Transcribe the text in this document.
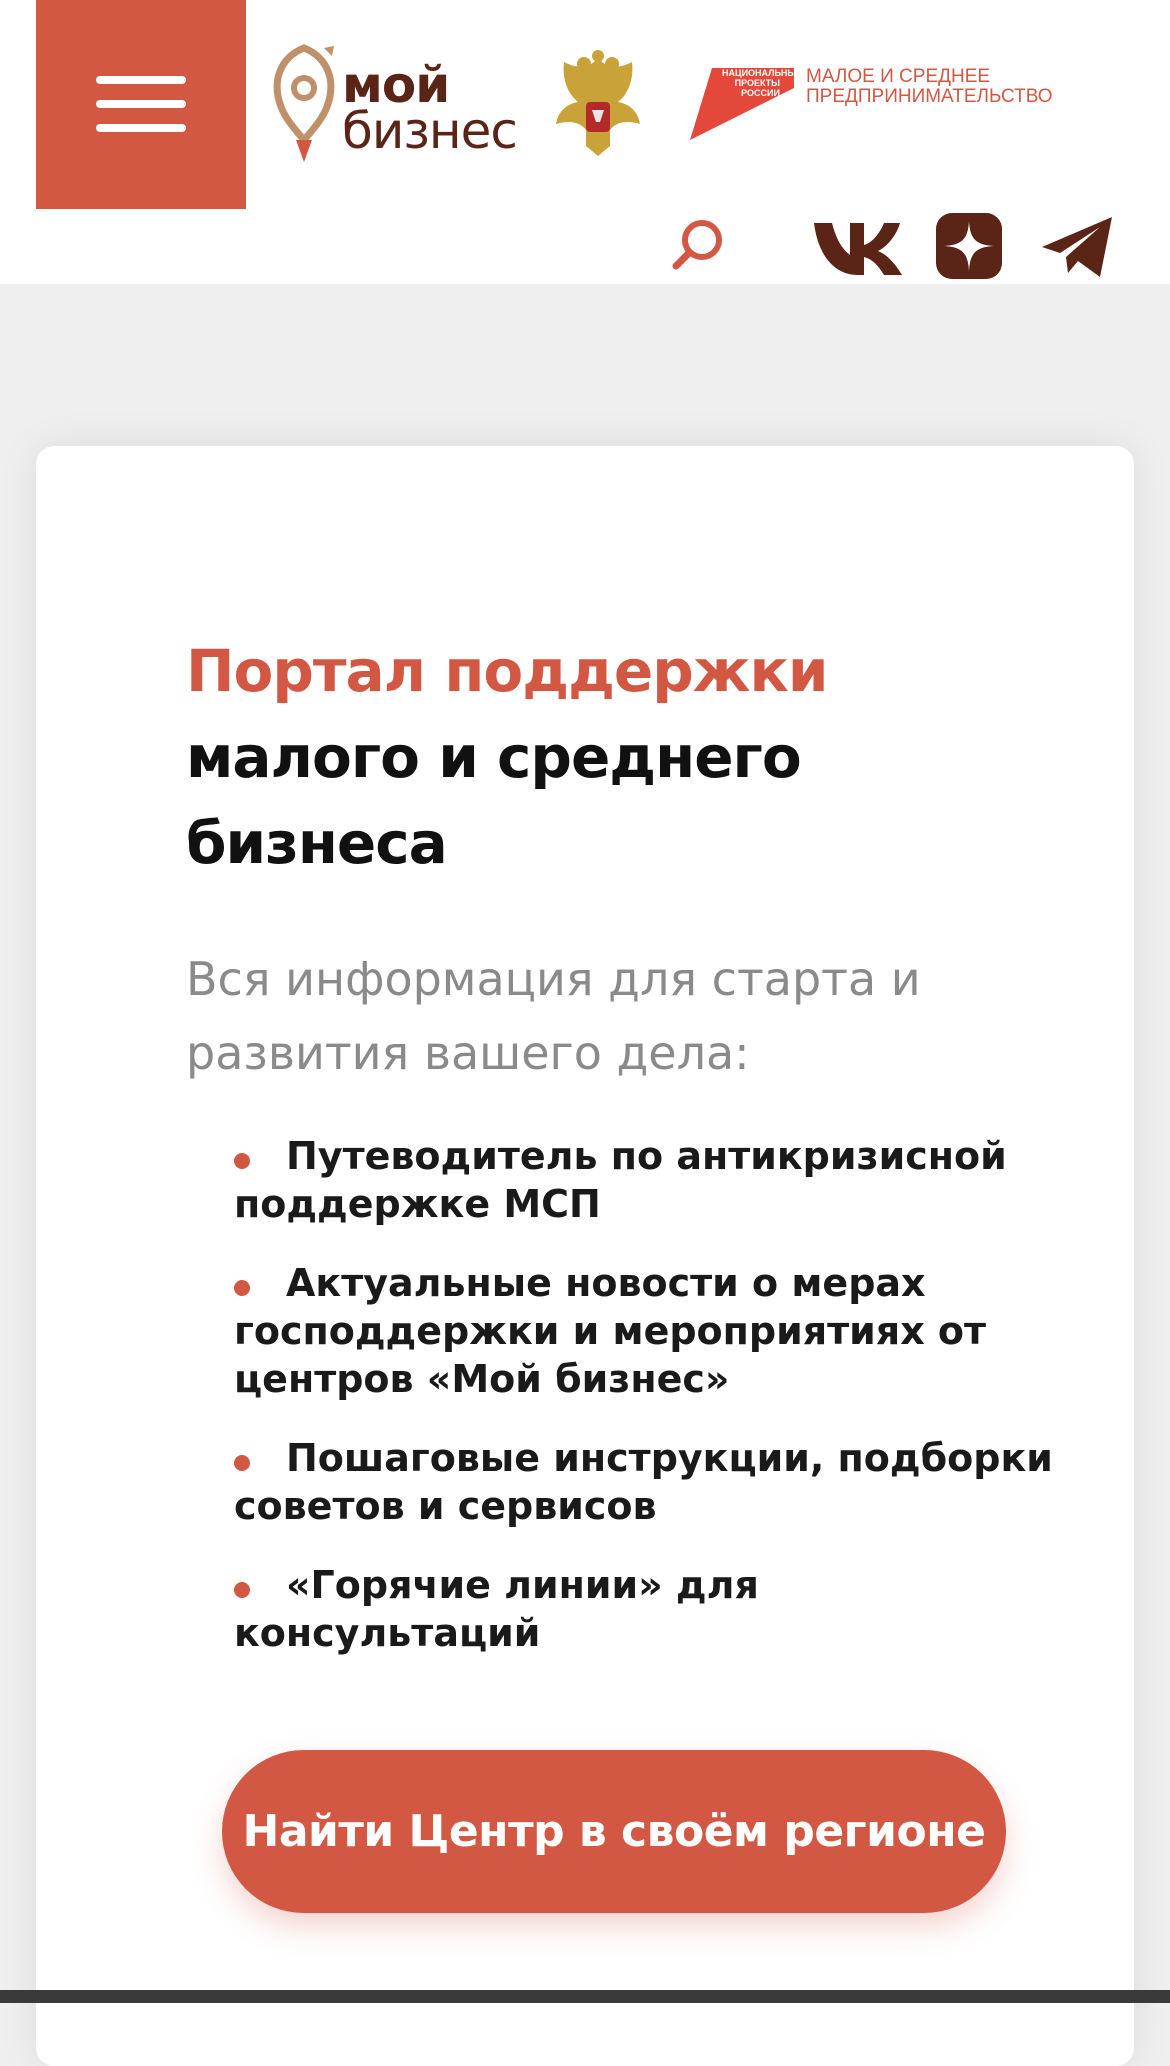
мой
бизнес
НАЦИОНАЛЬНЫЕ ПРОЕКТЫ РОССИИ
МАЛОЕ И СРЕДНЕЕ
ПРЕДПРИНИМАТЕЛЬСТВО
Портал поддержки
малого и среднего бизнеса
Вся информация для старта и развития вашего дела:
Путеводитель по антикризисной поддержке МСП
Актуальные новости о мерах господдержки и мероприятиях от центров «Мой бизнес»
Пошаговые инструкции, подборки советов и сервисов
«Горячие линии» для консультаций
Найти Центр в своём регионе
